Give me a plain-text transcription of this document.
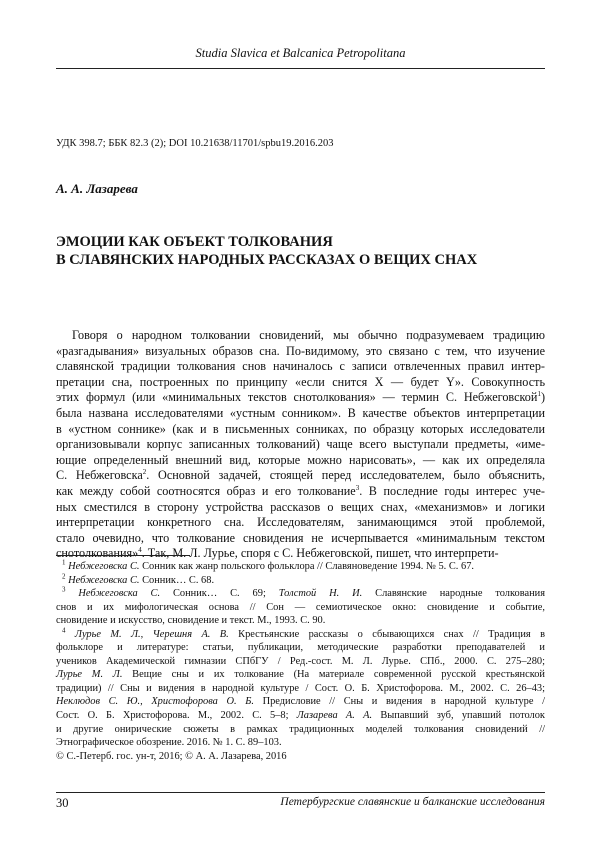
Studia Slavica et Balcanica Petropolitana
УДК 398.7; ББК 82.3 (2); DOI 10.21638/11701/spbu19.2016.203
А. А. Лазарева
ЭМОЦИИ КАК ОБЪЕКТ ТОЛКОВАНИЯ
В СЛАВЯНСКИХ НАРОДНЫХ РАССКАЗАХ О ВЕЩИХ СНАХ
Говоря о народном толковании сновидений, мы обычно подразумеваем традицию
«разгадывания» визуальных образов сна. По-видимому, это связано с тем, что изучение
славянской традиции толкования снов начиналось с записи отвлеченных правил интер-
претации сна, построенных по принципу «если снится X — будет Y». Совокупность
этих формул (или «минимальных текстов снотолкования» — термин С. Небжеговской$^1$)
была названа исследователями «устным сонником». В качестве объектов интерпретации
в «устном соннике» (как и в письменных сонниках, по образцу которых исследователи
организовывали корпус записанных толкований) чаще всего выступали предметы, «име-
ющие определенный внешний вид, которые можно нарисовать», — как их определяла
С. Небжеговска$^2$. Основной задачей, стоящей перед исследователем, было объяснить,
как между собой соотносятся образ и его толкование$^3$. В последние годы интерес уче-
ных сместился в сторону устройства рассказов о вещих снах, «механизмов» и логики
интерпретации конкретного сна. Исследователям, занимающимся этой проблемой,
стало очевидно, что толкование сновидения не исчерпывается «минимальным текстом
снотолкования»$^4$. Так, М. Л. Лурье, споря с С. Небжеговской, пишет, что интерпрети-
$^1$ Небжеговска С. Сонник как жанр польского фольклора // Славяноведение 1994. № 5. С. 67.
$^2$ Небжеговска С. Сонник… С. 68.
$^3$ Небжеговска С. Сонник… С. 69; Толстой Н. И. Славянские народные толкования
снов и их мифологическая основа // Сон — семиотическое окно: сновидение и событие,
сновидение и искусство, сновидение и текст. М., 1993. С. 90.
$^4$ Лурье М. Л., Черешня А. В. Крестьянские рассказы о сбывающихся снах // Традиция в
фольклоре и литературе: статьи, публикации, методические разработки преподавателей и
учеников Академической гимназии СПбГУ / Ред.-сост. М. Л. Лурье. СПб., 2000. С. 275–280;
Лурье М. Л. Вещие сны и их толкование (На материале современной русской крестьянской
традиции) // Сны и видения в народной культуре / Сост. О. Б. Христофорова. М., 2002. С. 26–43;
Неклюдов С. Ю., Христофорова О. Б. Предисловие // Сны и видения в народной культуре /
Сост. О. Б. Христофорова. М., 2002. С. 5–8; Лазарева А. А. Выпавший зуб, упавший потолок
и другие онирические сюжеты в рамках традиционных моделей толкования сновидений //
Этнографическое обозрение. 2016. № 1. С. 89–103.
© С.-Петерб. гос. ун-т, 2016; © А. А. Лазарева, 2016
30	Петербургские славянские и балканские исследования
